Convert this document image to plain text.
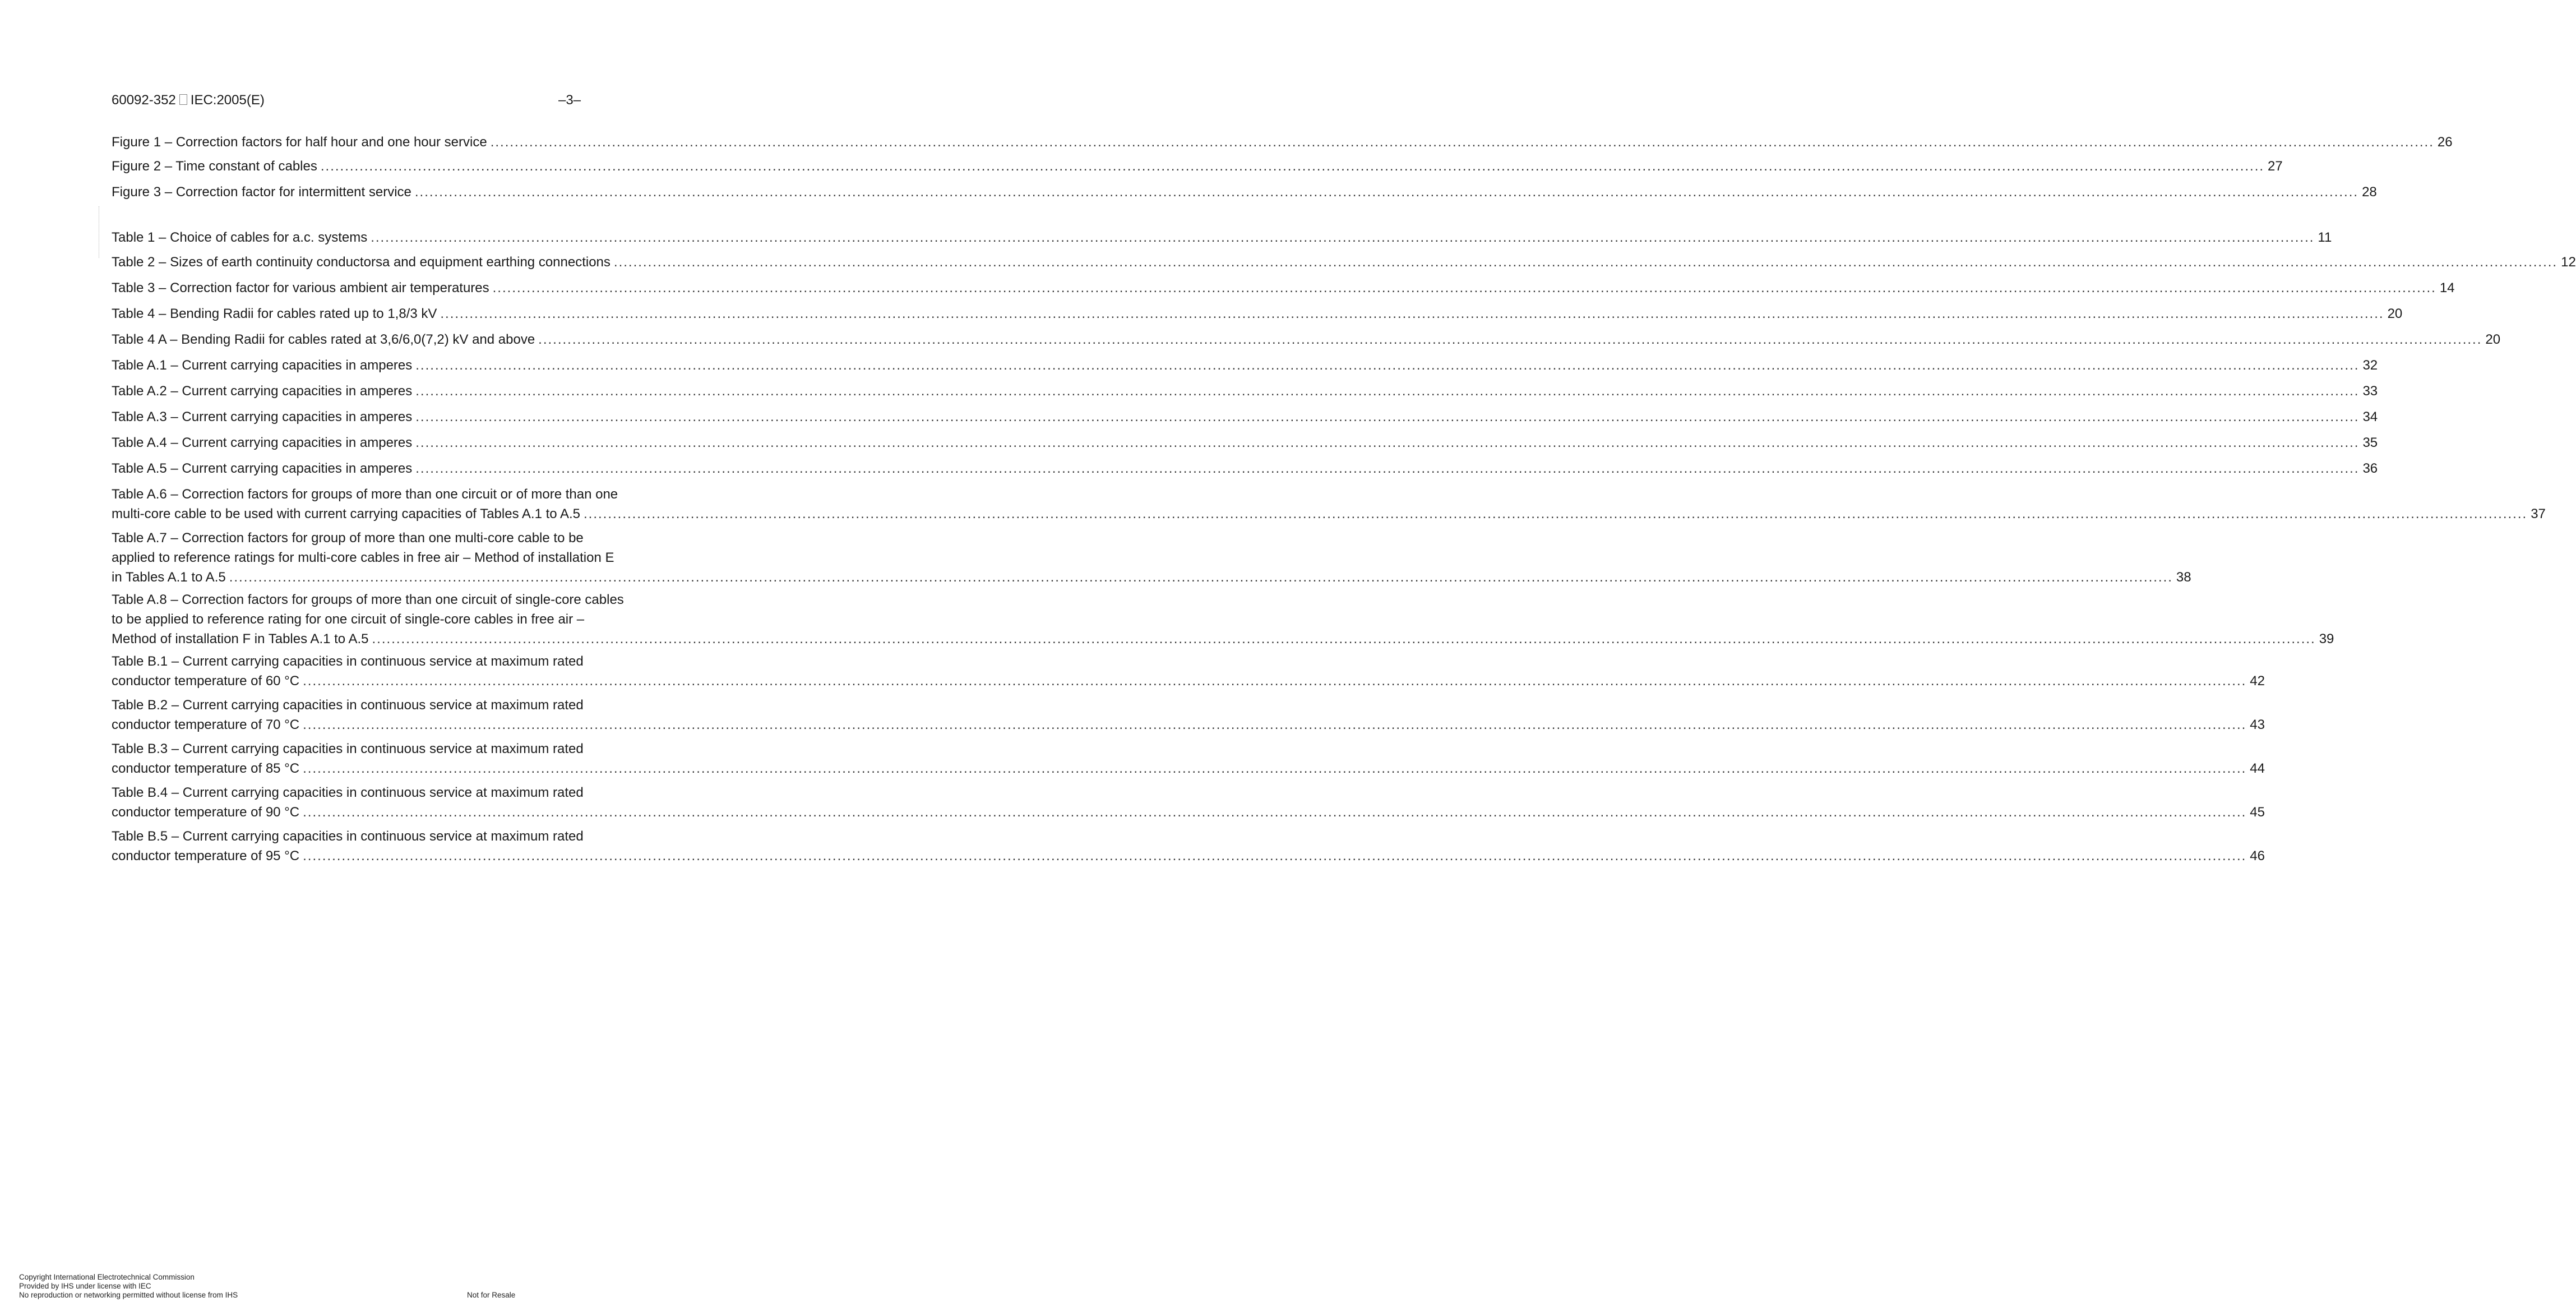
60092-352 IEC:2005(E)	–3–
Figure 1 – Correction factors for half hour and one hour service ................................................................................................................................................................................................................................................................................................................................................................................................................ 26
Figure 2 – Time constant of cables ................................................................................................................................................................................................................................................................................................................................................................................................................ 27
Figure 3 – Correction factor for intermittent service ................................................................................................................................................................................................................................................................................................................................................................................................................ 28
Table 1 – Choice of cables for a.c. systems ................................................................................................................................................................................................................................................................................................................................................................................................................ 11
Table 2 – Sizes of earth continuity conductorsa and equipment earthing connections ................................................................................................................................................................................................................................................................................................................................................................................................................ 12
Table 3 – Correction factor for various ambient air temperatures ................................................................................................................................................................................................................................................................................................................................................................................................................ 14
Table 4 – Bending Radii for cables rated up to 1,8/3 kV ................................................................................................................................................................................................................................................................................................................................................................................................................ 20
Table 4 A – Bending Radii for cables rated at 3,6/6,0(7,2) kV and above ................................................................................................................................................................................................................................................................................................................................................................................................................ 20
Table A.1 – Current carrying capacities in amperes ................................................................................................................................................................................................................................................................................................................................................................................................................ 32
Table A.2 – Current carrying capacities in amperes ................................................................................................................................................................................................................................................................................................................................................................................................................ 33
Table A.3 – Current carrying capacities in amperes ................................................................................................................................................................................................................................................................................................................................................................................................................ 34
Table A.4 – Current carrying capacities in amperes ................................................................................................................................................................................................................................................................................................................................................................................................................ 35
Table A.5 – Current carrying capacities in amperes ................................................................................................................................................................................................................................................................................................................................................................................................................ 36
Table A.6 – Correction factors for groups of more than one circuit or of more than one
multi-core cable to be used with current carrying capacities of Tables A.1 to A.5 ................................................................................................................................................................................................................................................................................................................................................................................................................ 37
Table A.7 – Correction factors for group of more than one multi-core cable to be
applied to reference ratings for multi-core cables in free air – Method of installation E
in Tables A.1 to A.5 ................................................................................................................................................................................................................................................................................................................................................................................................................ 38
Table A.8 – Correction factors for groups of more than one circuit of single-core cables
to be applied to reference rating for one circuit of single-core cables in free air –
Method of installation F in Tables A.1 to A.5 ................................................................................................................................................................................................................................................................................................................................................................................................................ 39
Table B.1 – Current carrying capacities in continuous service at maximum rated
conductor temperature of 60 °C ................................................................................................................................................................................................................................................................................................................................................................................................................ 42
Table B.2 – Current carrying capacities in continuous service at maximum rated
conductor temperature of 70 °C ................................................................................................................................................................................................................................................................................................................................................................................................................ 43
Table B.3 – Current carrying capacities in continuous service at maximum rated
conductor temperature of 85 °C ................................................................................................................................................................................................................................................................................................................................................................................................................ 44
Table B.4 – Current carrying capacities in continuous service at maximum rated
conductor temperature of 90 °C ................................................................................................................................................................................................................................................................................................................................................................................................................ 45
Table B.5 – Current carrying capacities in continuous service at maximum rated
conductor temperature of 95 °C ................................................................................................................................................................................................................................................................................................................................................................................................................ 46
Copyright International Electrotechnical Commission
Provided by IHS under license with IEC
No reproduction or networking permitted without license from IHS	Not for Resale
